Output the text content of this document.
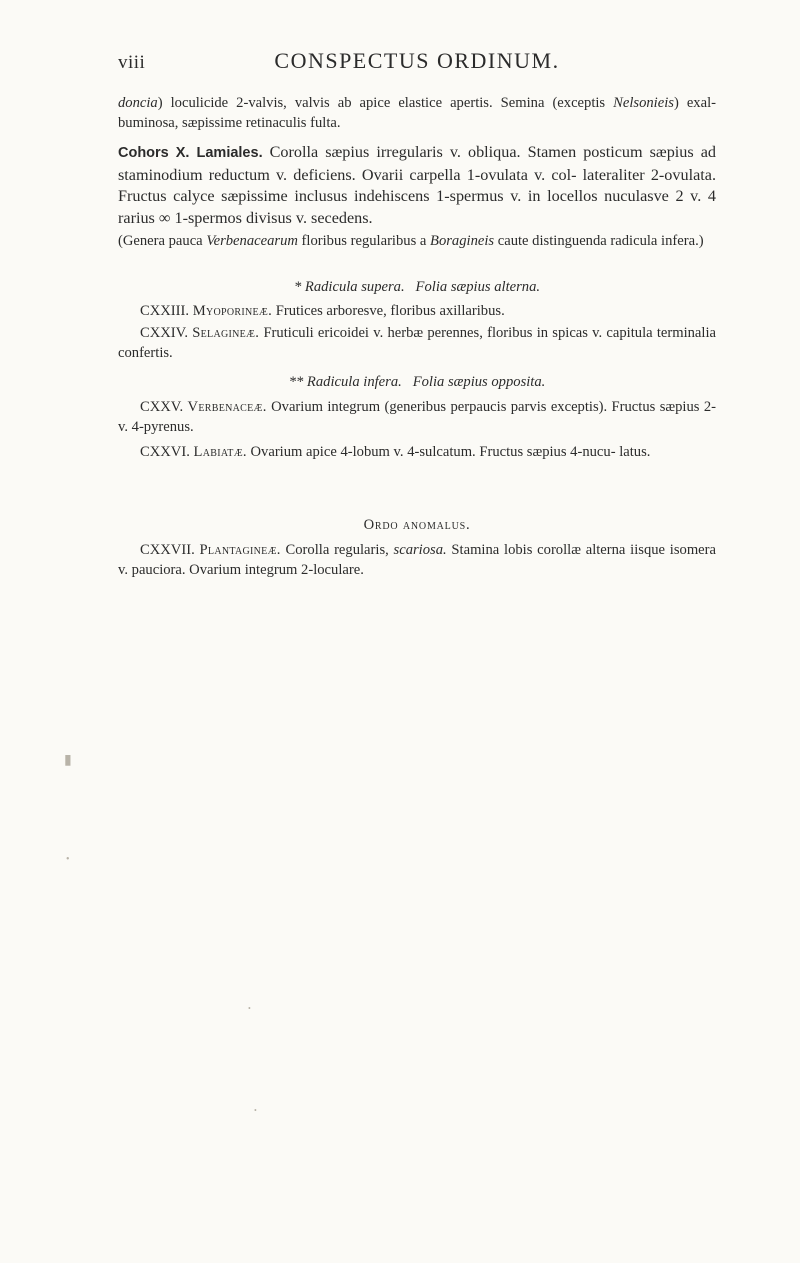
viii	CONSPECTUS ORDINUM.
doncia) loculicide 2-valvis, valvis ab apice elastice apertis. Semina (exceptis Nelsonieis) exal- buminosa, sæpissime retinaculis fulta.
Cohors X. Lamiales. Corolla sæpius irregularis v. obliqua. Stamen posticum sæpius ad staminodium reductum v. deficiens. Ovarii carpella 1-ovulata v. col- lateraliter 2-ovulata. Fructus calyce sæpissime inclusus indehiscens 1-spermus v. in locellos nuculasve 2 v. 4 rarius ∞ 1-spermos divisus v. secedens.
(Genera pauca Verbenacearum floribus regularibus a Boragineis caute distinguenda radicula infera.)
* Radicula supera.   Folia sæpius alterna.
CXXIII. Myoporineæ. Frutices arboresve, floribus axillaribus.
CXXIV. Selagineæ. Fruticuli ericoidei v. herbæ perennes, floribus in spicas v. capitula terminalia confertis.
** Radicula infera.   Folia sæpius opposita.
CXXV. Verbenaceæ. Ovarium integrum (generibus perpaucis parvis exceptis). Fructus sæpius 2- v. 4-pyrenus.
CXXVI. Labiatæ. Ovarium apice 4-lobum v. 4-sulcatum. Fructus sæpius 4-nucu- latus.
Ordo anomalus.
CXXVII. Plantagineæ. Corolla regularis, scariosa. Stamina lobis corollæ alterna iisque isomera v. pauciora. Ovarium integrum 2-loculare.
▮
•
•
•
